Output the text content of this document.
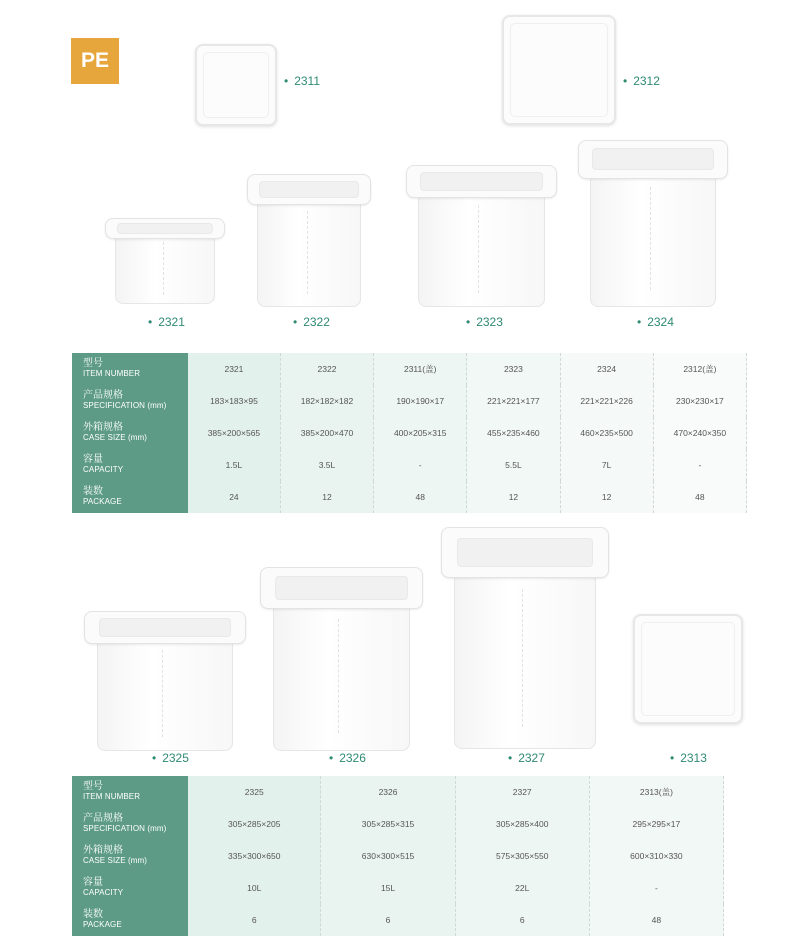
PE
• 2311	• 2312
• 2321	• 2322	• 2323	• 2324
型号
ITEM NUMBER	2321	2322	2311(盖)	2323	2324	2312(盖)

产品规格
SPECIFICATION (mm)	183×183×95	182×182×182	190×190×17	221×221×177	221×221×226	230×230×17

外箱规格
CASE SIZE (mm)	385×200×565	385×200×470	400×205×315	455×235×460	460×235×500	470×240×350

容量
CAPACITY	1.5L	3.5L	-	5.5L	7L	-

装数
PACKAGE	24	12	48	12	12	48
• 2325	• 2326	• 2327	• 2313
型号
ITEM NUMBER	2325	2326	2327	2313(盖)

产品规格
SPECIFICATION (mm)	305×285×205	305×285×315	305×285×400	295×295×17

外箱规格
CASE SIZE (mm)	335×300×650	630×300×515	575×305×550	600×310×330

容量
CAPACITY	10L	15L	22L	-

装数
PACKAGE	6	6	6	48
